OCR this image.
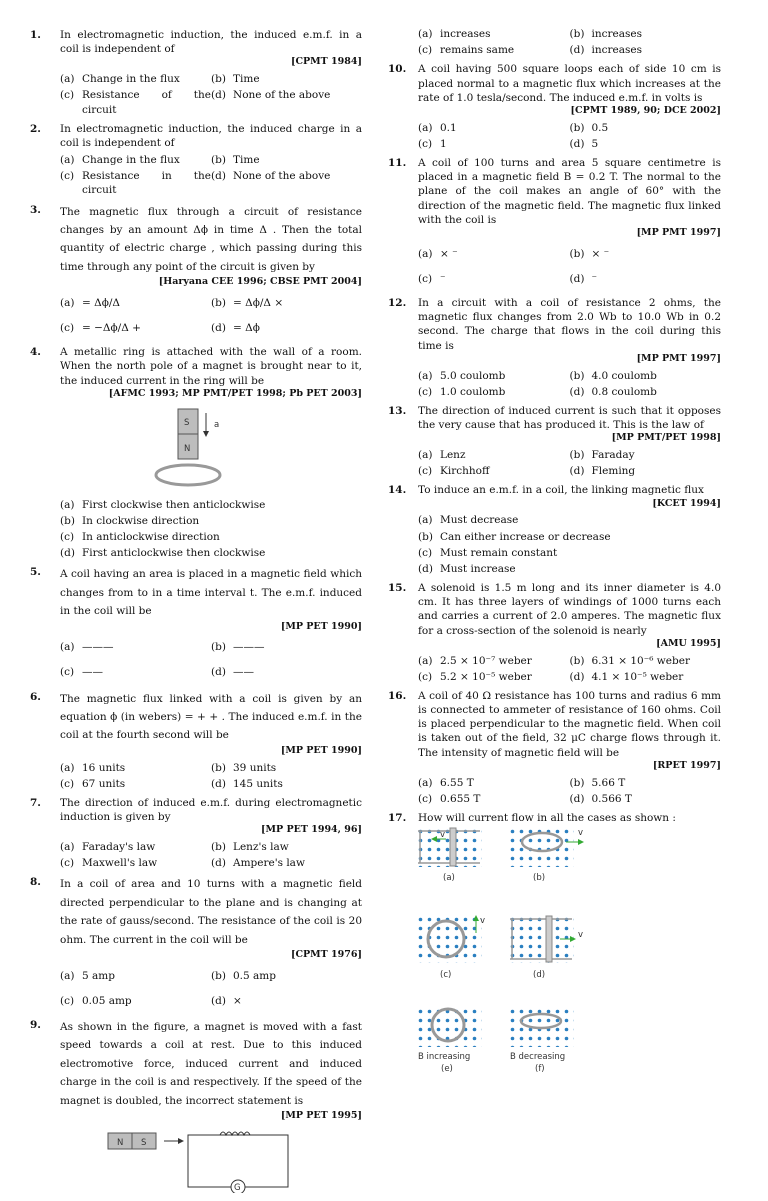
1.	In electromagnetic induction, the induced e.m.f. in a coil is independent of
[CPMT 1984]
(a) Change in the flux	(b) Time
(c) Resistance of the circuit
(d) None of the above
2.	In electromagnetic induction, the induced charge in a coil is independent of
(a) Change in the flux	(b) Time
(c) Resistance in the circuit
(d) None of the above
3.	The magnetic flux through a circuit of resistance changes by an amount Δϕ in time Δ . Then the total quantity of electric charge , which passing during this time through any point of the circuit is given by
[Haryana CEE 1996; CBSE PMT 2004]
(a) = Δϕ/Δ	(b) = Δϕ/Δ ×
(c) = −Δϕ/Δ +	(d) = Δϕ
4.	A metallic ring is attached with the wall of a room. When the north pole of a magnet is brought near to it, the induced current in the ring will be
[AFMC 1993; MP PMT/PET 1998; Pb PET 2003]
S
N
a
(a) First clockwise then anticlockwise
(b) In clockwise direction
(c) In anticlockwise direction
(d) First anticlockwise then clockwise
5.	A coil having an area is placed in a magnetic field which changes from to in a time interval t. The e.m.f. induced in the coil will be
[MP PET 1990]
(a) ———	(b) ———
(c) ——	(d) ——
6.	The magnetic flux linked with a coil is given by an equation ϕ (in webers) = + + . The induced e.m.f. in the coil at the fourth second will be
[MP PET 1990]
(a) 16 units	(b) 39 units
(c) 67 units	(d) 145 units
7.	The direction of induced e.m.f. during electromagnetic induction is given by
[MP PET 1994, 96]
(a) Faraday's law	(b) Lenz's law
(c) Maxwell's law	(d) Ampere's law
8.	In a coil of area and 10 turns with a magnetic field directed perpendicular to the plane and is changing at the rate of gauss/second. The resistance of the coil is 20 ohm. The current in the coil will be
[CPMT 1976]
(a) 5 amp	(b) 0.5 amp
(c) 0.05 amp	(d) ×
9.	As shown in the figure, a magnet is moved with a fast speed towards a coil at rest. Due to this induced electromotive force, induced current and induced charge in the coil is and respectively. If the speed of the magnet is doubled, the incorrect statement is
[MP PET 1995]
N S
G
(a) increases	(b) increases
(c) remains same	(d) increases
10.	A coil having 500 square loops each of side 10 cm is placed normal to a magnetic flux which increases at the rate of 1.0 tesla/second. The induced e.m.f. in volts is
[CPMT 1989, 90; DCE 2002]
(a) 0.1	(b) 0.5
(c) 1	(d) 5
11.	A coil of 100 turns and area 5 square centimetre is placed in a magnetic field B = 0.2 T. The normal to the plane of the coil makes an angle of 60° with the direction of the magnetic field. The magnetic flux linked with the coil is
[MP PMT 1997]
(a) × ⁻	(b) × ⁻
(c) ⁻	(d) ⁻
12.	In a circuit with a coil of resistance 2 ohms, the magnetic flux changes from 2.0 Wb to 10.0 Wb in 0.2 second. The charge that flows in the coil during this time is
[MP PMT 1997]
(a) 5.0 coulomb	(b) 4.0 coulomb
(c) 1.0 coulomb	(d) 0.8 coulomb
13.	The direction of induced current is such that it opposes the very cause that has produced it. This is the law of
[MP PMT/PET 1998]
(a) Lenz	(b) Faraday
(c) Kirchhoff	(d) Fleming
14.	To induce an e.m.f. in a coil, the linking magnetic flux
[KCET 1994]
(a) Must decrease
(b) Can either increase or decrease
(c) Must remain constant
(d) Must increase
15.	A solenoid is 1.5 m long and its inner diameter is 4.0 cm. It has three layers of windings of 1000 turns each and carries a current of 2.0 amperes. The magnetic flux for a cross-section of the solenoid is nearly
[AMU 1995]
(a) 2.5 × 10⁻⁷ weber	(b) 6.31 × 10⁻⁶ weber
(c) 5.2 × 10⁻⁵ weber	(d) 4.1 × 10⁻⁵ weber
16.	A coil of 40 Ω resistance has 100 turns and radius 6 mm is connected to ammeter of resistance of 160 ohms. Coil is placed perpendicular to the magnetic field. When coil is taken out of the field, 32 μC charge flows through it. The intensity of magnetic field will be
[RPET 1997]
(a) 6.55 T	(b) 5.66 T
(c) 0.655 T	(d) 0.566 T
17.	How will current flow in all the cases as shown :
v
(a)
v
(b)
v
(c)
v
(d)
B increasing
(e)
B decreasing
(f)
